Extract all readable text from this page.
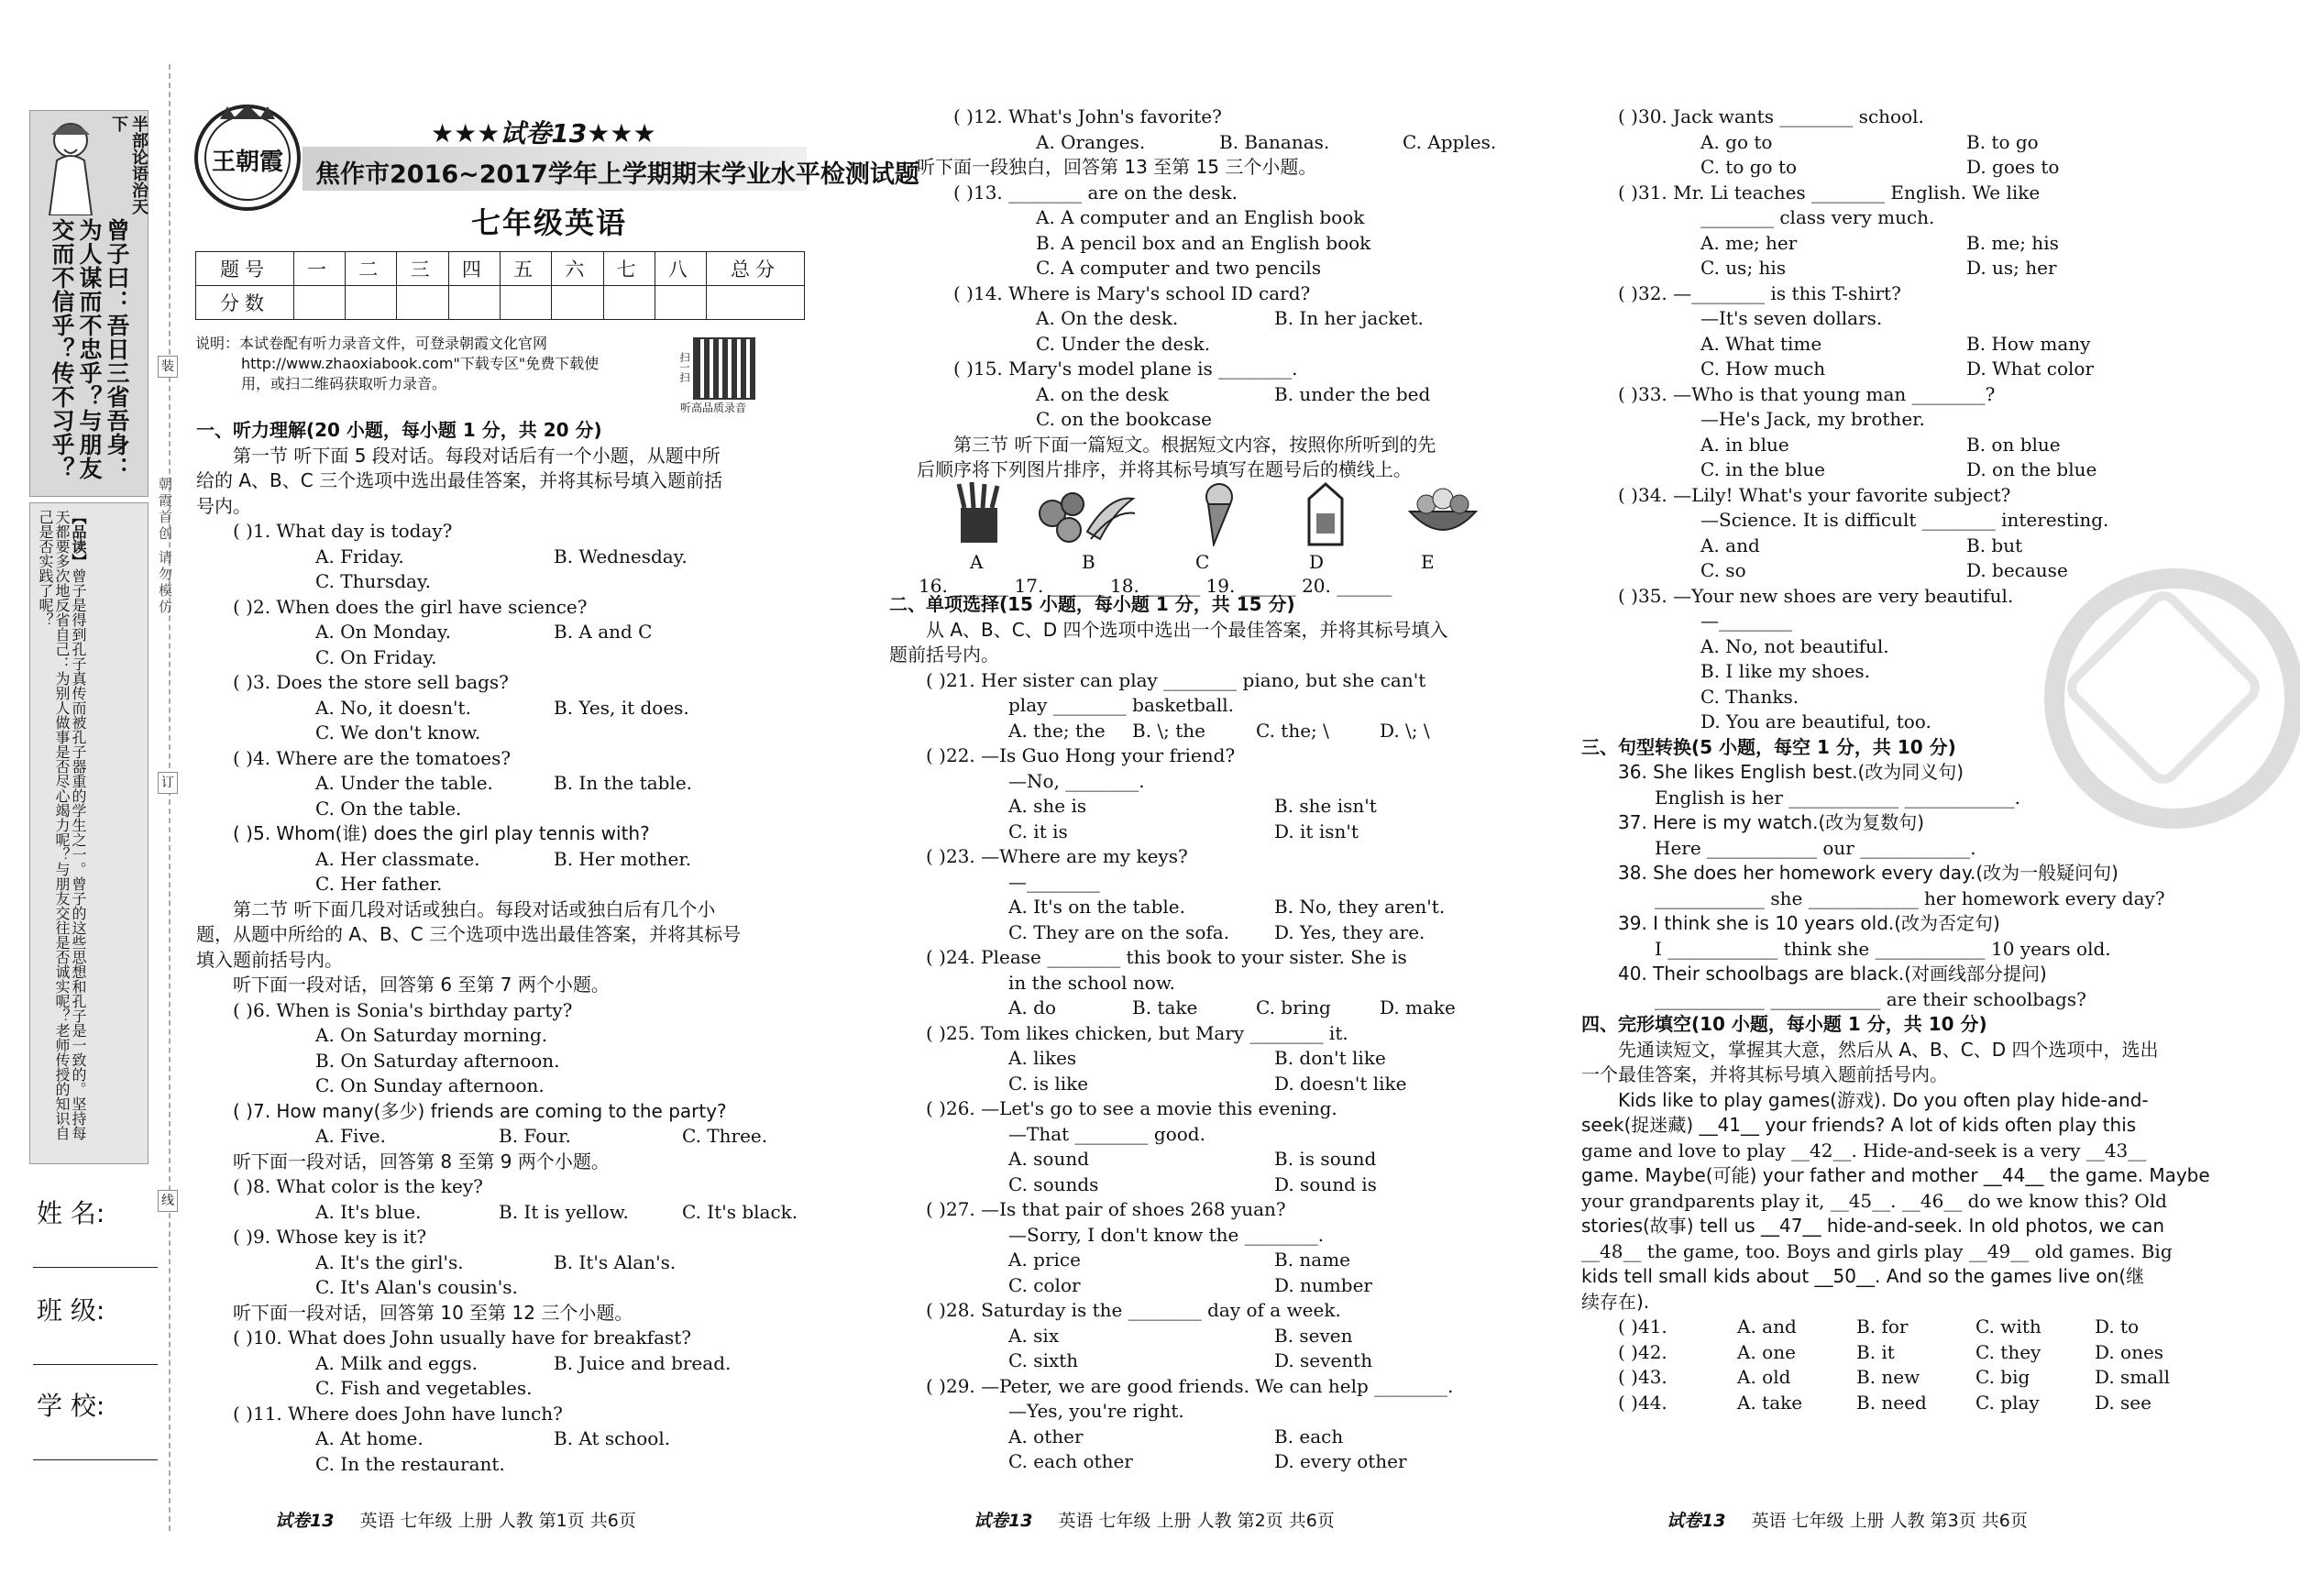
半部论语治天下
曾子曰：吾日三省吾身：为人谋而不忠乎？与朋友交而不信乎？传不习乎？
【品读】曾子是得到孔子真传而被孔子器重的学生之一。曾子的这些思想和孔子是一致的。坚持每天都要多次地反省自己：为别人做事是否尽心竭力呢？与朋友交往是否诚实呢？老师传授的知识自己是否实践了呢？	朝霞首创 请勿模仿
装
订
线
姓 名:
班 级:
学 校:
王朝霞
★★★试卷13★★★
焦作市2016~2017学年上学期期末学业水平检测试题
七年级英语
题号	一	二	三	四	五	六	七	八	总分
分数									
说明：本试卷配有听力录音文件，可登录朝霞文化官网
http://www.zhaoxiabook.com"下载专区"免费下载使
用，或扫二维码获取听力录音。
扫一扫
听高品质录音
一、听力理解(20 小题，每小题 1 分，共 20 分)
第一节 听下面 5 段对话。每段对话后有一个小题，从题中所
给的 A、B、C 三个选项中选出最佳答案，并将其标号填入题前括
号内。
( )1. What day is today?
A. Friday.	B. Wednesday.
C. Thursday.
( )2. When does the girl have science?
A. On Monday.	B. A and C
C. On Friday.
( )3. Does the store sell bags?
A. No, it doesn't.	B. Yes, it does.
C. We don't know.
( )4. Where are the tomatoes?
A. Under the table.	B. In the table.
C. On the table.
( )5. Whom(谁) does the girl play tennis with?
A. Her classmate.	B. Her mother.
C. Her father.
第二节 听下面几段对话或独白。每段对话或独白后有几个小
题，从题中所给的 A、B、C 三个选项中选出最佳答案，并将其标号
填入题前括号内。
听下面一段对话，回答第 6 至第 7 两个小题。
( )6. When is Sonia's birthday party?
A. On Saturday morning.
B. On Saturday afternoon.
C. On Sunday afternoon.
( )7. How many(多少) friends are coming to the party?
A. Five.	B. Four.	C. Three.
听下面一段对话，回答第 8 至第 9 两个小题。
( )8. What color is the key?
A. It's blue.	B. It is yellow.	C. It's black.
( )9. Whose key is it?
A. It's the girl's.	B. It's Alan's.
C. It's Alan's cousin's.
听下面一段对话，回答第 10 至第 12 三个小题。
( )10. What does John usually have for breakfast?
A. Milk and eggs.	B. Juice and bread.
C. Fish and vegetables.
( )11. Where does John have lunch?
A. At home.	B. At school.
C. In the restaurant.
( )12. What's John's favorite?
A. Oranges.	B. Bananas.	C. Apples.
听下面一段独白，回答第 13 至第 15 三个小题。
( )13. ________ are on the desk.
A. A computer and an English book
B. A pencil box and an English book
C. A computer and two pencils
( )14. Where is Mary's school ID card?
A. On the desk.	B. In her jacket.
C. Under the desk.
( )15. Mary's model plane is ________.
A. on the desk	B. under the bed
C. on the bookcase
第三节 听下面一篇短文。根据短文内容，按照你所听到的先
后顺序将下列图片排序，并将其标号填写在题号后的横线上。
A	B	C	D	E
16. ______ 17. ______ 18. ______ 19. ______ 20. ______
二、单项选择(15 小题，每小题 1 分，共 15 分)
从 A、B、C、D 四个选项中选出一个最佳答案，并将其标号填入
题前括号内。
( )21. Her sister can play ________ piano, but she can't
play ________ basketball.
A. the; the B. \; the	C. the; \	D. \; \
( )22. —Is Guo Hong your friend?
—No, ________.
A. she is	B. she isn't
C. it is	D. it isn't
( )23. —Where are my keys?
—________
A. It's on the table.	B. No, they aren't.
C. They are on the sofa. D. Yes, they are.
( )24. Please ________ this book to your sister. She is
in the school now.
A. do	B. take	C. bring	D. make
( )25. Tom likes chicken, but Mary ________ it.
A. likes	B. don't like
C. is like	D. doesn't like
( )26. —Let's go to see a movie this evening.
—That ________ good.
A. sound	B. is sound
C. sounds	D. sound is
( )27. —Is that pair of shoes 268 yuan?
—Sorry, I don't know the ________.
A. price	B. name
C. color	D. number
( )28. Saturday is the ________ day of a week.
A. six	B. seven
C. sixth	D. seventh
( )29. —Peter, we are good friends. We can help ________.
—Yes, you're right.
A. other	B. each
C. each other	D. every other
( )30. Jack wants ________ school.
A. go to	B. to go
C. to go to	D. goes to
( )31. Mr. Li teaches ________ English. We like
________ class very much.
A. me; her	B. me; his
C. us; his	D. us; her
( )32. —________ is this T-shirt?
—It's seven dollars.
A. What time	B. How many
C. How much	D. What color
( )33. —Who is that young man ________?
—He's Jack, my brother.
A. in blue	B. on blue
C. in the blue	D. on the blue
( )34. —Lily! What's your favorite subject?
—Science. It is difficult ________ interesting.
A. and	B. but
C. so	D. because
( )35. —Your new shoes are very beautiful.
—________
A. No, not beautiful.
B. I like my shoes.
C. Thanks.
D. You are beautiful, too.
三、句型转换(5 小题，每空 1 分，共 10 分)
36. She likes English best.(改为同义句)
English is her ____________ ____________.
37. Here is my watch.(改为复数句)
Here ____________ our ____________.
38. She does her homework every day.(改为一般疑问句)
____________ she ____________ her homework every day?
39. I think she is 10 years old.(改为否定句)
I ____________ think she ____________ 10 years old.
40. Their schoolbags are black.(对画线部分提问)
____________ ____________ are their schoolbags?
四、完形填空(10 小题，每小题 1 分，共 10 分)
先通读短文，掌握其大意，然后从 A、B、C、D 四个选项中，选出
一个最佳答案，并将其标号填入题前括号内。
Kids like to play games(游戏). Do you often play hide-and-
seek(捉迷藏) __41__ your friends? A lot of kids often play this
game and love to play __42__. Hide-and-seek is a very __43__
game. Maybe(可能) your father and mother __44__ the game. Maybe
your grandparents play it, __45__. __46__ do we know this? Old
stories(故事) tell us __47__ hide-and-seek. In old photos, we can
__48__ the game, too. Boys and girls play __49__ old games. Big
kids tell small kids about __50__. And so the games live on(继
续存在).
( )41.	A. and	B. for	C. with	D. to
( )42.	A. one	B. it	C. they	D. ones
( )43.	A. old	B. new	C. big	D. small
( )44.	A. take	B. need	C. play	D. see
试卷13 英语 七年级 上册 人教 第1页 共6页	试卷13 英语 七年级 上册 人教 第2页 共6页	试卷13 英语 七年级 上册 人教 第3页 共6页
